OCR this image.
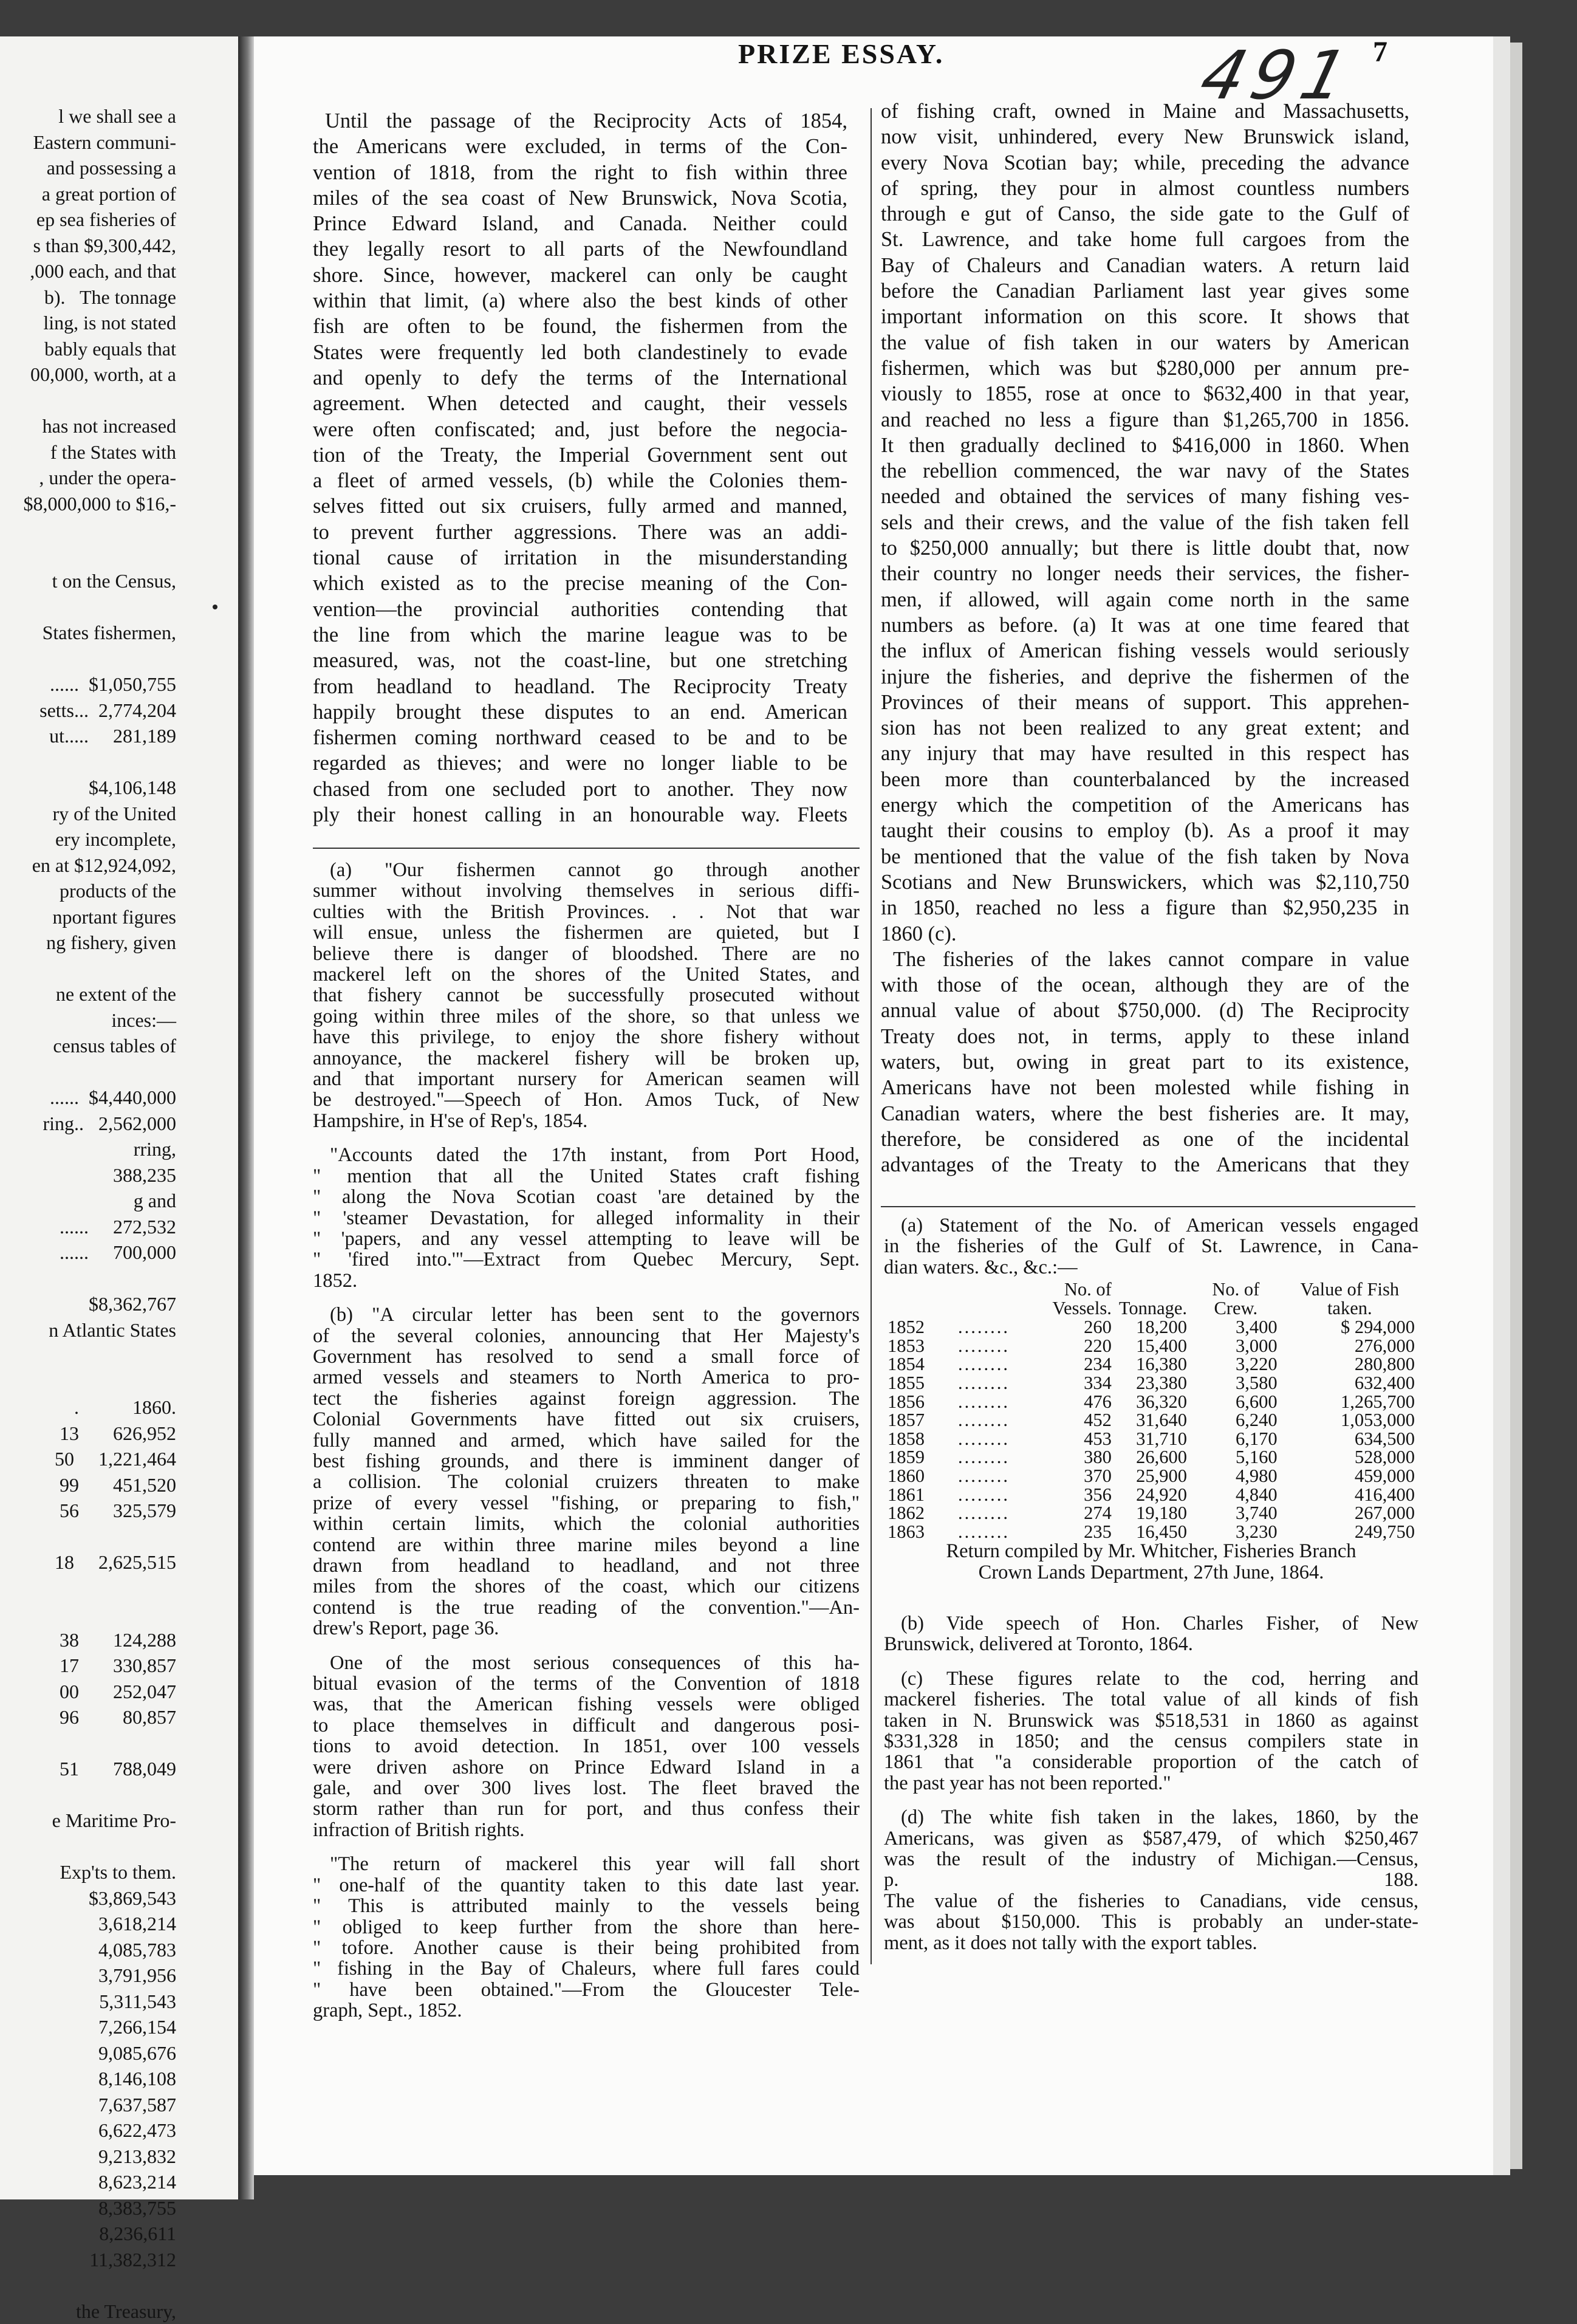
l we shall see a
Eastern communi-
and possessing a
a great portion of
ep sea fisheries of
s than $9,300,442,
,000 each, and that
b).   The tonnage
ling, is not stated
bably equals that
00,000, worth, at a

has not increased
f the States with
, under the opera-
$8,000,000 to $16,-

t on the Census,

States fishermen,

......  $1,050,755
setts...  2,774,204
ut.....     281,189

$4,106,148
ry of the United
ery incomplete,
en at $12,924,092,
products of the
nportant figures
ng fishery, given

ne extent of the
inces:—
census tables of

......  $4,440,000
ring..   2,562,000
rring,
388,235
g and
......     272,532
......     700,000

$8,362,767
n Atlantic States

.           1860.
13       626,952
50     1,221,464
99       451,520
56       325,579

18     2,625,515

38       124,288
17       330,857
00       252,047
96         80,857

51       788,049

e Maritime Pro-

Exp'ts to them.
$3,869,543
3,618,214
4,085,783
3,791,956
5,311,543
7,266,154
9,085,676
8,146,108
7,637,587
6,622,473
9,213,832
8,623,214
8,383,755
8,236,611
11,382,312

the Treasury,
PRIZE ESSAY.	491 7
Until the passage of the Reciprocity Acts of 1854,
the Americans were excluded, in terms of the Con-
vention of 1818, from the right to fish within three
miles of the sea coast of New Brunswick, Nova Scotia,
Prince Edward Island, and Canada. Neither could
they legally resort to all parts of the Newfoundland
shore. Since, however, mackerel can only be caught
within that limit, (a) where also the best kinds of other
fish are often to be found, the fishermen from the
States were frequently led both clandestinely to evade
and openly to defy the terms of the International
agreement. When detected and caught, their vessels
were often confiscated; and, just before the negocia-
tion of the Treaty, the Imperial Government sent out
a fleet of armed vessels, (b) while the Colonies them-
selves fitted out six cruisers, fully armed and manned,
to prevent further aggressions. There was an addi-
tional cause of irritation in the misunderstanding
which existed as to the precise meaning of the Con-
vention—the provincial authorities contending that
the line from which the marine league was to be
measured, was, not the coast-line, but one stretching
from headland to headland. The Reciprocity Treaty
happily brought these disputes to an end. American
fishermen coming northward ceased to be and to be
regarded as thieves; and were no longer liable to be
chased from one secluded port to another. They now
ply their honest calling in an honourable way. Fleets

(a) "Our fishermen cannot go through another
summer without involving themselves in serious diffi-
culties with the British Provinces. . . Not that war
will ensue, unless the fishermen are quieted, but I
believe there is danger of bloodshed. There are no
mackerel left on the shores of the United States, and
that fishery cannot be successfully prosecuted without
going within three miles of the shore, so that unless we
have this privilege, to enjoy the shore fishery without
annoyance, the mackerel fishery will be broken up,
and that important nursery for American seamen will
be destroyed."—Speech of Hon. Amos Tuck, of New
Hampshire, in H'se of Rep's, 1854.

"Accounts dated the 17th instant, from Port Hood,
" mention that all the United States craft fishing
" along the Nova Scotian coast 'are detained by the
" 'steamer Devastation, for alleged informality in their
" 'papers, and any vessel attempting to leave will be
" 'fired into.'"—Extract from Quebec Mercury, Sept.
1852.

(b) "A circular letter has been sent to the governors
of the several colonies, announcing that Her Majesty's
Government has resolved to send a small force of
armed vessels and steamers to North America to pro-
tect the fisheries against foreign aggression. The
Colonial Governments have fitted out six cruisers,
fully manned and armed, which have sailed for the
best fishing grounds, and there is imminent danger of
a collision. The colonial cruizers threaten to make
prize of every vessel "fishing, or preparing to fish,"
within certain limits, which the colonial authorities
contend are within three marine miles beyond a line
drawn from headland to headland, and not three
miles from the shores of the coast, which our citizens
contend is the true reading of the convention."—An-
drew's Report, page 36.

One of the most serious consequences of this ha-
bitual evasion of the terms of the Convention of 1818
was, that the American fishing vessels were obliged
to place themselves in difficult and dangerous posi-
tions to avoid detection. In 1851, over 100 vessels
were driven ashore on Prince Edward Island in a
gale, and over 300 lives lost. The fleet braved the
storm rather than run for port, and thus confess their
infraction of British rights.

"The return of mackerel this year will fall short
" one-half of the quantity taken to this date last year.
" This is attributed mainly to the vessels being
" obliged to keep further from the shore than here-
" tofore. Another cause is their being prohibited from
" fishing in the Bay of Chaleurs, where full fares could
" have been obtained."—From the Gloucester Tele-
graph, Sept., 1852.

of fishing craft, owned in Maine and Massachusetts,
now visit, unhindered, every New Brunswick island,
every Nova Scotian bay; while, preceding the advance
of spring, they pour in almost countless numbers
through e gut of Canso, the side gate to the Gulf of
St. Lawrence, and take home full cargoes from the
Bay of Chaleurs and Canadian waters. A return laid
before the Canadian Parliament last year gives some
important information on this score. It shows that
the value of fish taken in our waters by American
fishermen, which was but $280,000 per annum pre-
viously to 1855, rose at once to $632,400 in that year,
and reached no less a figure than $1,265,700 in 1856.
It then gradually declined to $416,000 in 1860. When
the rebellion commenced, the war navy of the States
needed and obtained the services of many fishing ves-
sels and their crews, and the value of the fish taken fell
to $250,000 annually; but there is little doubt that, now
their country no longer needs their services, the fisher-
men, if allowed, will again come north in the same
numbers as before. (a) It was at one time feared that
the influx of American fishing vessels would seriously
injure the fisheries, and deprive the fishermen of the
Provinces of their means of support. This apprehen-
sion has not been realized to any great extent; and
any injury that may have resulted in this respect has
been more than counterbalanced by the increased
energy which the competition of the Americans has
taught their cousins to employ (b). As a proof it may
be mentioned that the value of the fish taken by Nova
Scotians and New Brunswickers, which was $2,110,750
in 1850, reached no less a figure than $2,950,235 in
1860 (c).
The fisheries of the lakes cannot compare in value
with those of the ocean, although they are of the
annual value of about $750,000. (d) The Reciprocity
Treaty does not, in terms, apply to these inland
waters, but, owing in great part to its existence,
Americans have not been molested while fishing in
Canadian waters, where the best fisheries are. It may,
therefore, be considered as one of the incidental
advantages of the Treaty to the Americans that they

(a) Statement of the No. of American vessels engaged
in the fisheries of the Gulf of St. Lawrence, in Cana-
dian waters. &c., &c.:—

		No. of Vessels.	Tonnage.	No. of Crew.	Value of Fish taken.
1852	........	260	18,200	3,400	$ 294,000
1853	........	220	15,400	3,000	276,000
1854	........	234	16,380	3,220	280,800
1855	........	334	23,380	3,580	632,400
1856	........	476	36,320	6,600	1,265,700
1857	........	452	31,640	6,240	1,053,000
1858	........	453	31,710	6,170	634,500
1859	........	380	26,600	5,160	528,000
1860	........	370	25,900	4,980	459,000
1861	........	356	24,920	4,840	416,400
1862	........	274	19,180	3,740	267,000
1863	........	235	16,450	3,230	249,750

Return compiled by Mr. Whitcher, Fisheries Branch
Crown Lands Department, 27th June, 1864.

(b) Vide speech of Hon. Charles Fisher, of New
Brunswick, delivered at Toronto, 1864.

(c) These figures relate to the cod, herring and
mackerel fisheries. The total value of all kinds of fish
taken in N. Brunswick was $518,531 in 1860 as against
$331,328 in 1850; and the census compilers state in
1861 that "a considerable proportion of the catch of
the past year has not been reported."

(d) The white fish taken in the lakes, 1860, by the
Americans, was given as $587,479, of which $250,467
was the result of the industry of Michigan.—Census,
p. 188.
The value of the fisheries to Canadians, vide census,
was about $150,000. This is probably an under-state-
ment, as it does not tally with the export tables.
